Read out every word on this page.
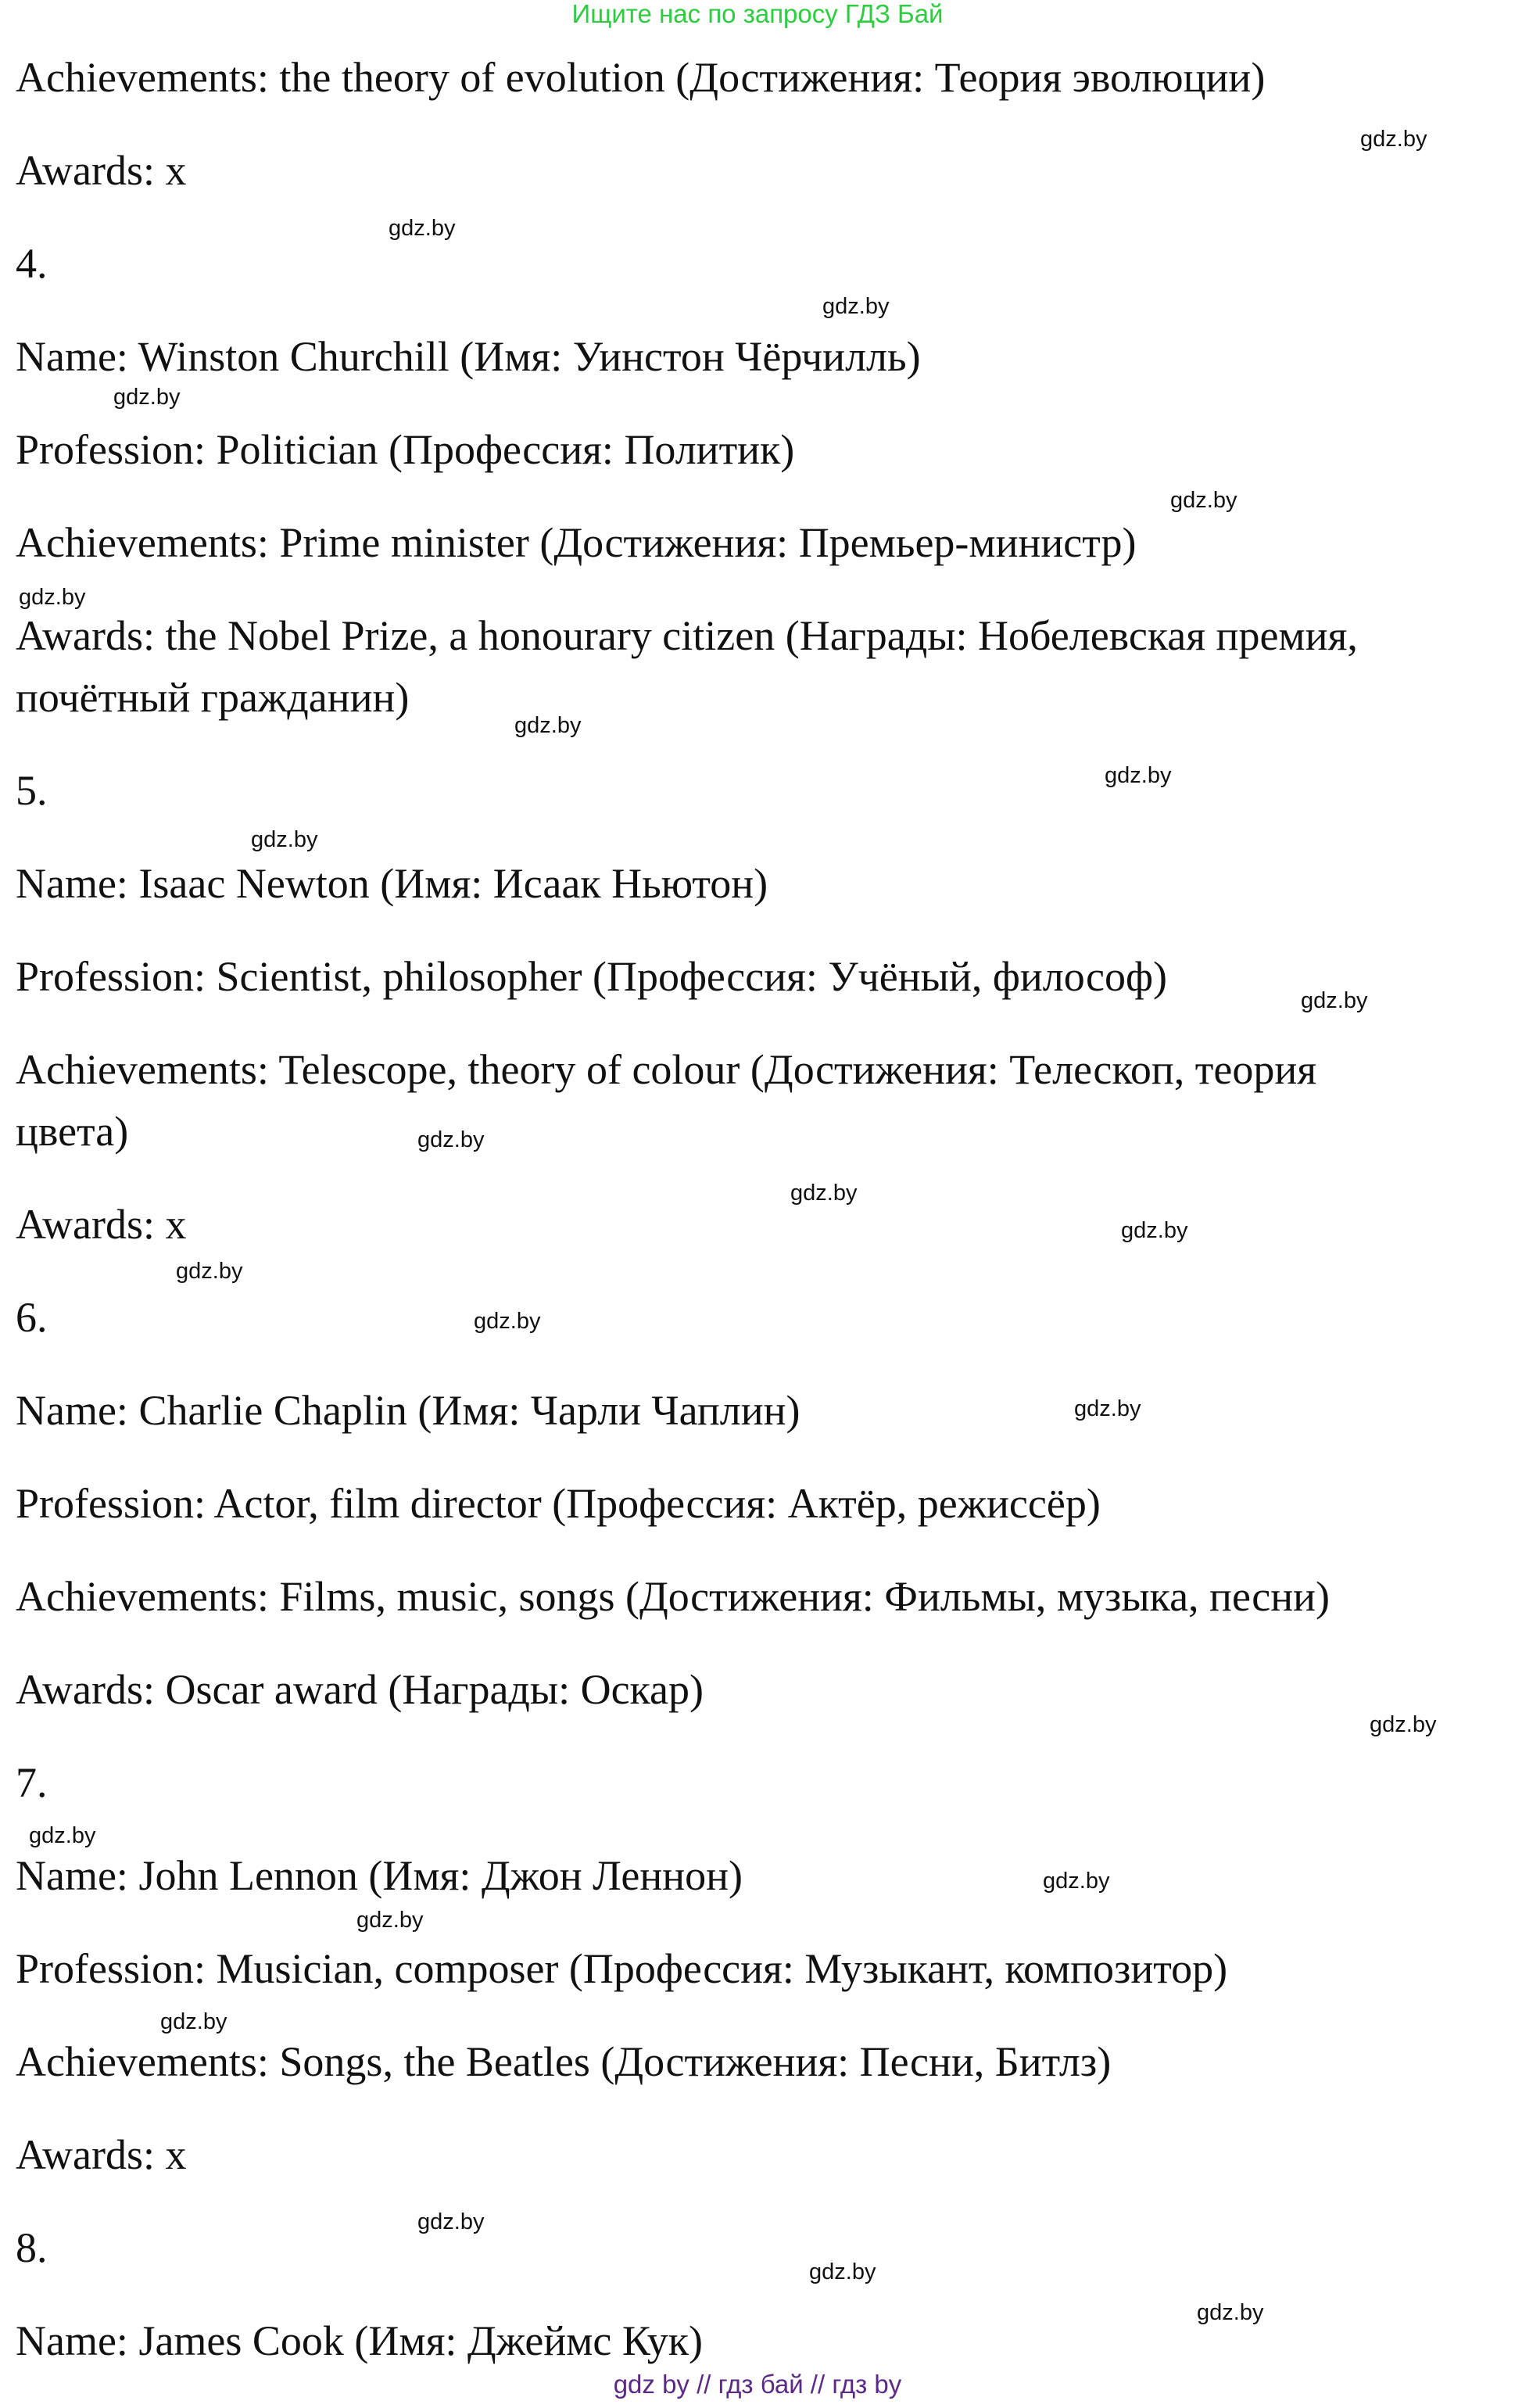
Ищите нас по запросу ГДЗ Бай
Achievements: the theory of evolution (Достижения: Теория эволюции)
Awards: x
4.
Name: Winston Churchill (Имя: Уинстон Чёрчилль)
Profession: Politician (Профессия: Политик)
Achievements: Prime minister (Достижения: Премьер-министр)
Awards: the Nobel Prize, a honourary citizen (Награды: Нобелевская премия,
почётный гражданин)
5.
Name: Isaac Newton (Имя: Исаак Ньютон)
Profession: Scientist, philosopher (Профессия: Учёный, философ)
Achievements: Telescope, theory of colour (Достижения: Телескоп, теория
цвета)
Awards: x
6.
Name: Charlie Chaplin (Имя: Чарли Чаплин)
Profession: Actor, film director (Профессия: Актёр, режиссёр)
Achievements: Films, music, songs (Достижения: Фильмы, музыка, песни)
Awards: Oscar award (Награды: Оскар)
7.
Name: John Lennon (Имя: Джон Леннон)
Profession: Musician, composer (Профессия: Музыкант, композитор)
Achievements: Songs, the Beatles (Достижения: Песни, Битлз)
Awards: x
8.
Name: James Cook (Имя: Джеймс Кук)
gdz.by
gdz.by
gdz.by
gdz.by
gdz.by
gdz.by
gdz.by
gdz.by
gdz.by
gdz.by
gdz.by
gdz.by
gdz.by
gdz.by
gdz.by
gdz.by
gdz.by
gdz.by
gdz.by
gdz.by
gdz.by
gdz.by
gdz.by
gdz.by
gdz by // гдз бай // гдз by
